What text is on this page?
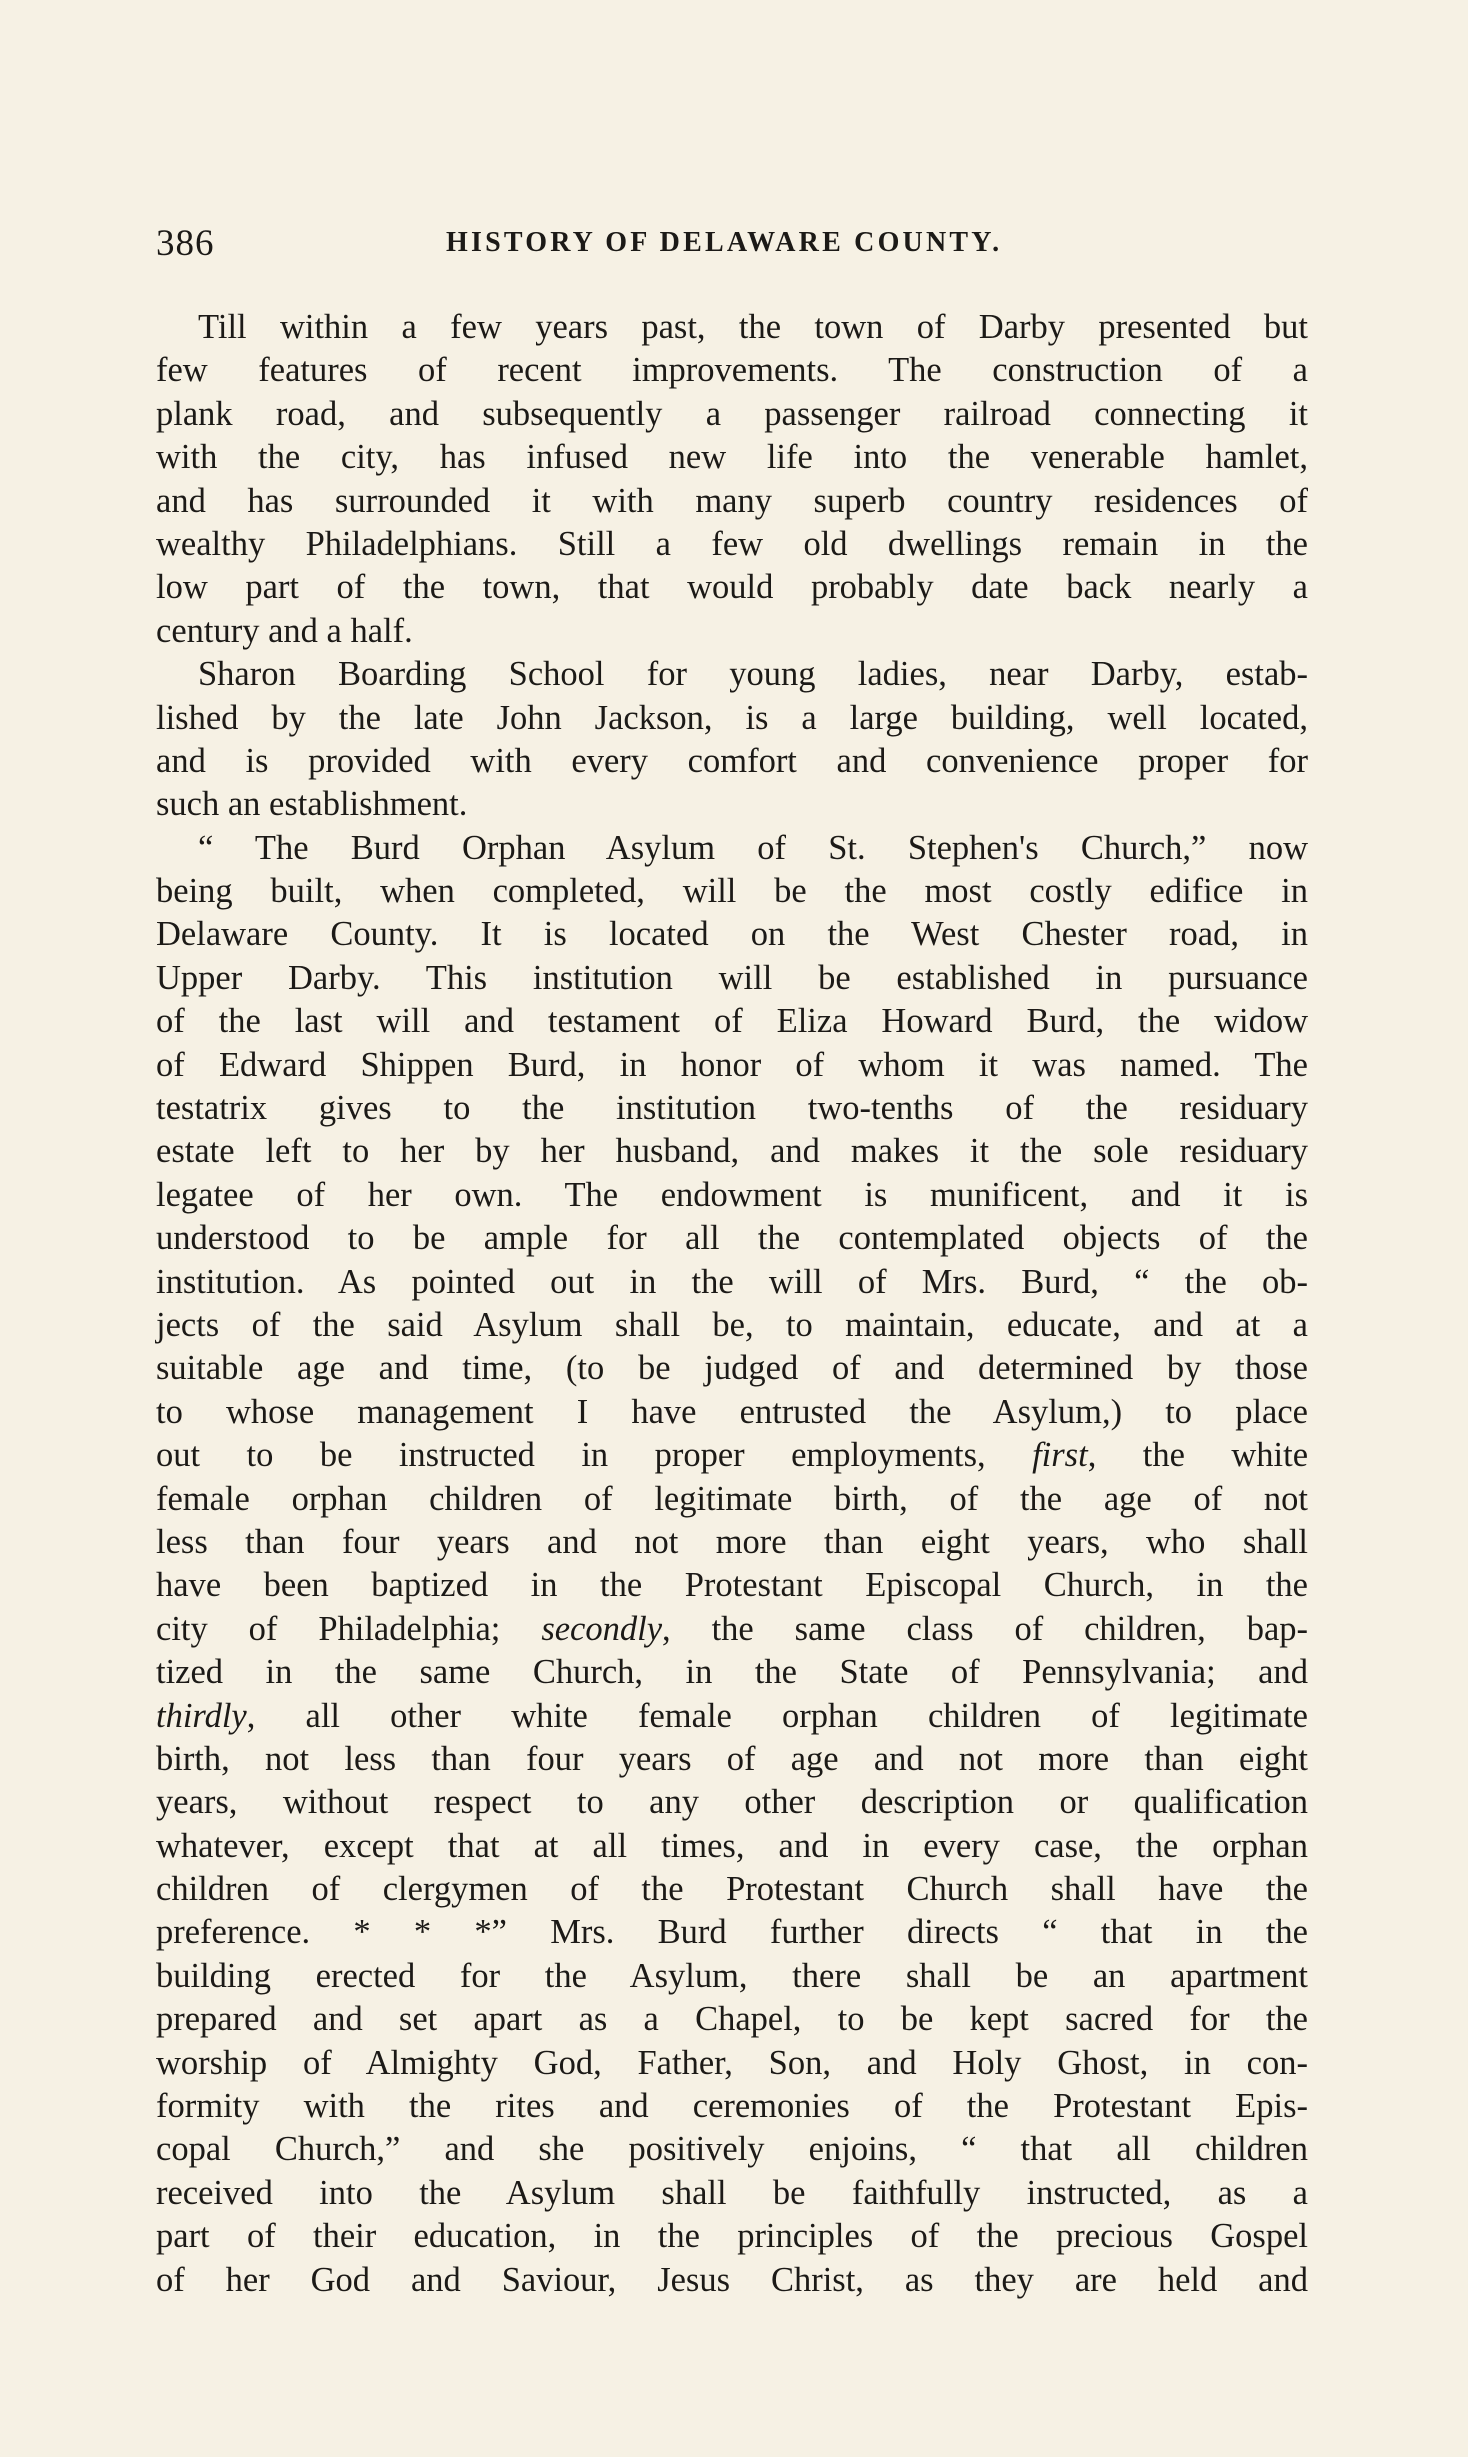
386	HISTORY OF DELAWARE COUNTY.
Till within a few years past, the town of Darby presented but
few features of recent improvements. The construction of a
plank road, and subsequently a passenger railroad connecting it
with the city, has infused new life into the venerable hamlet,
and has surrounded it with many superb country residences of
wealthy Philadelphians. Still a few old dwellings remain in the
low part of the town, that would probably date back nearly a
century and a half.
Sharon Boarding School for young ladies, near Darby, estab-
lished by the late John Jackson, is a large building, well located,
and is provided with every comfort and convenience proper for
such an establishment.
“ The Burd Orphan Asylum of St. Stephen's Church,” now
being built, when completed, will be the most costly edifice in
Delaware County. It is located on the West Chester road, in
Upper Darby. This institution will be established in pursuance
of the last will and testament of Eliza Howard Burd, the widow
of Edward Shippen Burd, in honor of whom it was named. The
testatrix gives to the institution two-tenths of the residuary
estate left to her by her husband, and makes it the sole residuary
legatee of her own. The endowment is munificent, and it is
understood to be ample for all the contemplated objects of the
institution. As pointed out in the will of Mrs. Burd, “ the ob-
jects of the said Asylum shall be, to maintain, educate, and at a
suitable age and time, (to be judged of and determined by those
to whose management I have entrusted the Asylum,) to place
out to be instructed in proper employments, first, the white
female orphan children of legitimate birth, of the age of not
less than four years and not more than eight years, who shall
have been baptized in the Protestant Episcopal Church, in the
city of Philadelphia; secondly, the same class of children, bap-
tized in the same Church, in the State of Pennsylvania; and
thirdly, all other white female orphan children of legitimate
birth, not less than four years of age and not more than eight
years, without respect to any other description or qualification
whatever, except that at all times, and in every case, the orphan
children of clergymen of the Protestant Church shall have the
preference. * * *” Mrs. Burd further directs “ that in the
building erected for the Asylum, there shall be an apartment
prepared and set apart as a Chapel, to be kept sacred for the
worship of Almighty God, Father, Son, and Holy Ghost, in con-
formity with the rites and ceremonies of the Protestant Epis-
copal Church,” and she positively enjoins, “ that all children
received into the Asylum shall be faithfully instructed, as a
part of their education, in the principles of the precious Gospel
of her God and Saviour, Jesus Christ, as they are held and
